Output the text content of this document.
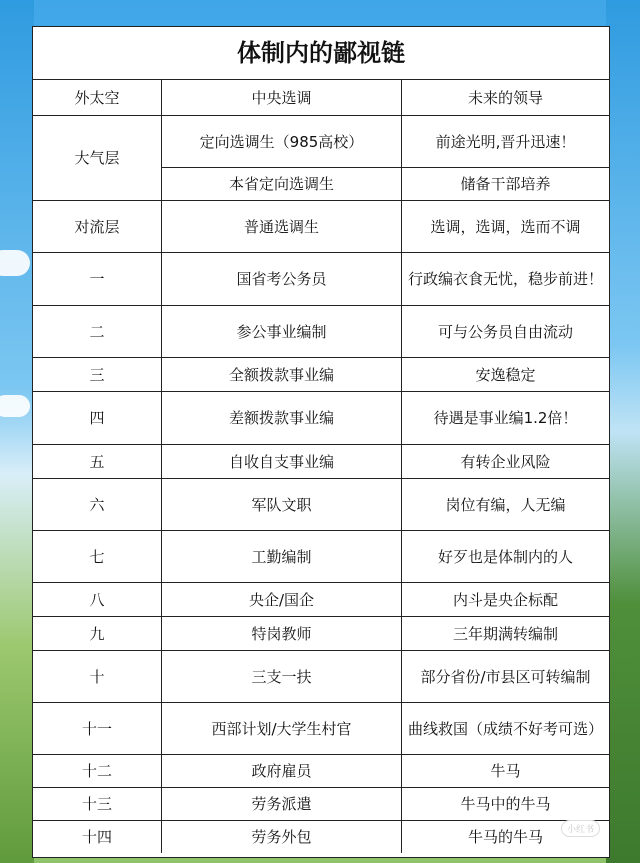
体制内的鄙视链
外太空	中央选调	未来的领导
大气层	定向选调生（985高校）	前途光明,晋升迅速！
	本省定向选调生	储备干部培养
对流层	普通选调生	选调，选调，选而不调
一	国省考公务员	行政编衣食无忧，稳步前进！
二	参公事业编制	可与公务员自由流动
三	全额拨款事业编	安逸稳定
四	差额拨款事业编	待遇是事业编1.2倍！
五	自收自支事业编	有转企业风险
六	军队文职	岗位有编，人无编
七	工勤编制	好歹也是体制内的人
八	央企/国企	内斗是央企标配
九	特岗教师	三年期满转编制
十	三支一扶	部分省份/市县区可转编制
十一	西部计划/大学生村官	曲线救国（成绩不好考可选）
十二	政府雇员	牛马
十三	劳务派遣	牛马中的牛马
十四	劳务外包	牛马的牛马	小红书
